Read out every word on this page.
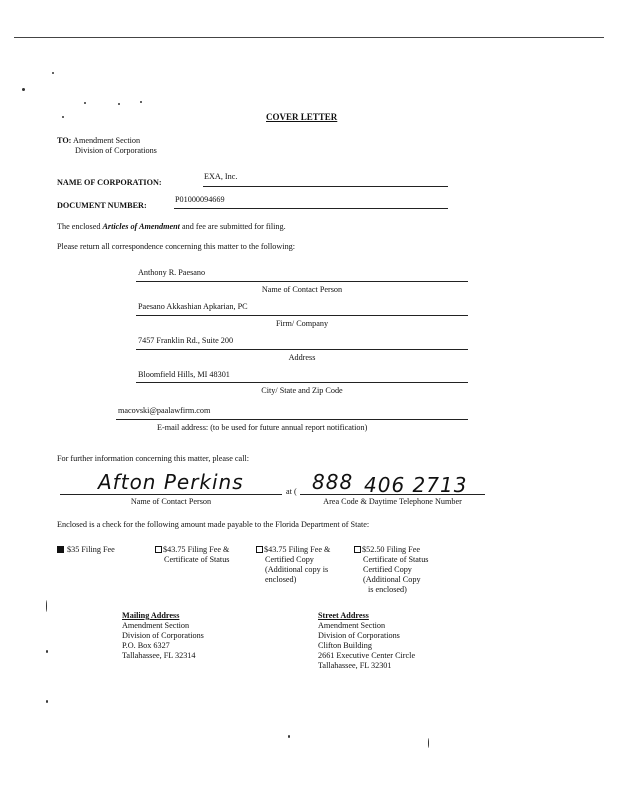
COVER LETTER
TO: Amendment Section
Division of Corporations
NAME OF CORPORATION:
EXA, Inc.
DOCUMENT NUMBER:
P01000094669
The enclosed Articles of Amendment and fee are submitted for filing.
Please return all correspondence concerning this matter to the following:
Anthony R. Paesano
Name of Contact Person
Paesano Akkashian Apkarian, PC
Firm/ Company
7457 Franklin Rd., Suite 200
Address
Bloomfield Hills, MI 48301
City/ State and Zip Code
macovski@paalawfirm.com
E-mail address: (to be used for future annual report notification)
For further information concerning this matter, please call:
Afton Perkins
Name of Contact Person
at ( 888 406 2713
Area Code & Daytime Telephone Number
Enclosed is a check for the following amount made payable to the Florida Department of State:
$35 Filing Fee	$43.75 Filing Fee &
Certificate of Status
$43.75 Filing Fee &
Certified Copy
(Additional copy is
enclosed)
$52.50 Filing Fee
Certificate of Status
Certified Copy
(Additional Copy
is enclosed)
Mailing Address
Amendment Section
Division of Corporations
P.O. Box 6327
Tallahassee, FL 32314
Street Address
Amendment Section
Division of Corporations
Clifton Building
2661 Executive Center Circle
Tallahassee, FL 32301
